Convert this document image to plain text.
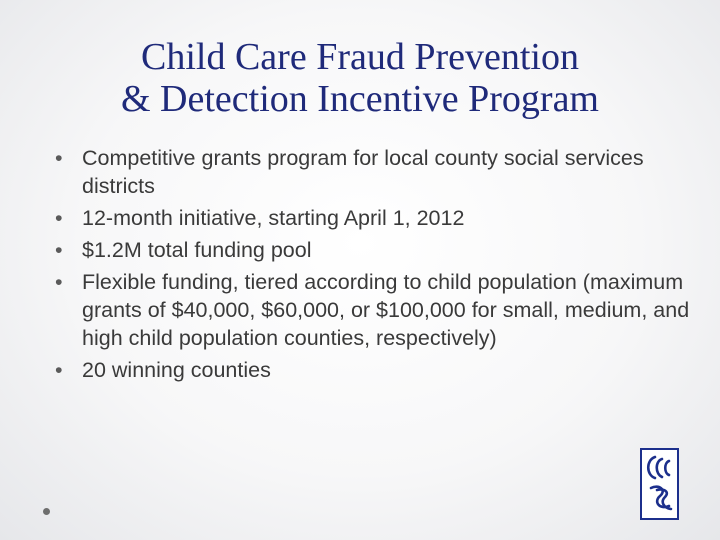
Child Care Fraud Prevention
& Detection Incentive Program
• Competitive grants program for local county social services districts
• 12-month initiative, starting April 1, 2012
• $1.2M total funding pool
• Flexible funding, tiered according to child population (maximum grants of $40,000, $60,000, or $100,000 for small, medium, and high child population counties, respectively)
• 20 winning counties
